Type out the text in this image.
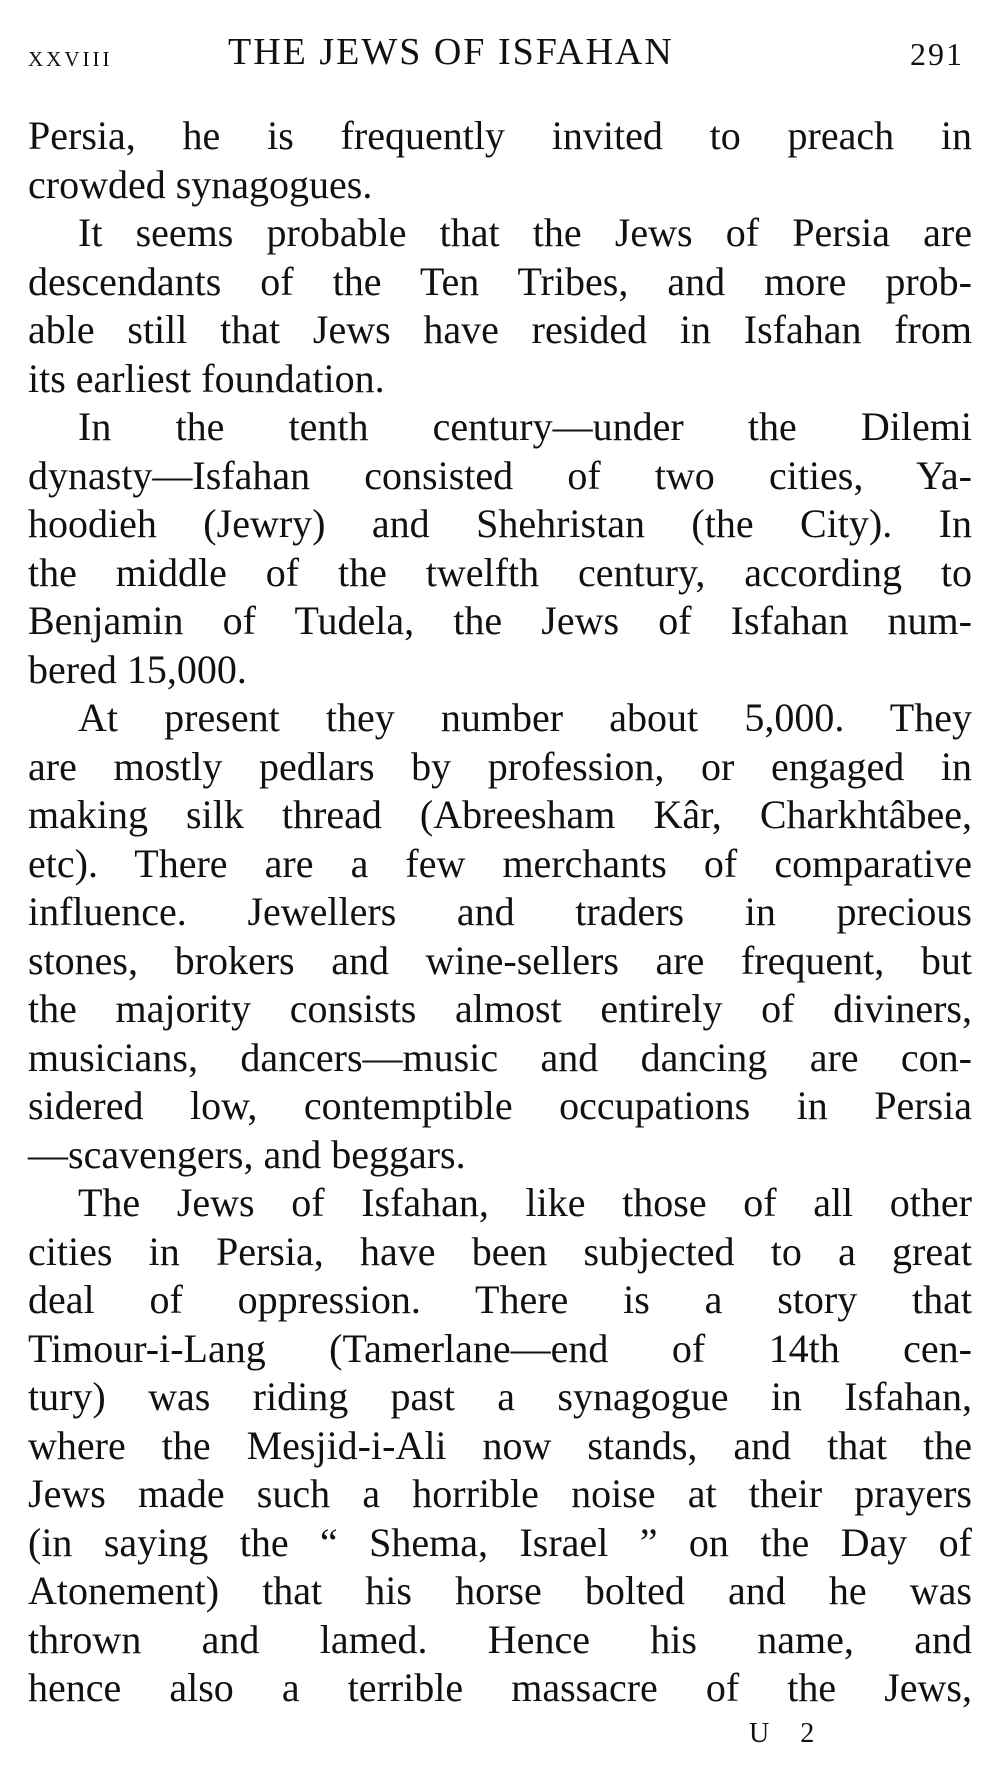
xxviii	THE JEWS OF ISFAHAN	291
Persia, he is frequently invited to preach in
crowded synagogues.
It seems probable that the Jews of Persia are
descendants of the Ten Tribes, and more prob-
able still that Jews have resided in Isfahan from
its earliest foundation.
In the tenth century—under the Dilemi
dynasty—Isfahan consisted of two cities, Ya-
hoodieh (Jewry) and Shehristan (the City). In
the middle of the twelfth century, according to
Benjamin of Tudela, the Jews of Isfahan num-
bered 15,000.
At present they number about 5,000. They
are mostly pedlars by profession, or engaged in
making silk thread (Abreesham Kâr, Charkhtâbee,
etc). There are a few merchants of comparative
influence. Jewellers and traders in precious
stones, brokers and wine-sellers are frequent, but
the majority consists almost entirely of diviners,
musicians, dancers—music and dancing are con-
sidered low, contemptible occupations in Persia
—scavengers, and beggars.
The Jews of Isfahan, like those of all other
cities in Persia, have been subjected to a great
deal of oppression. There is a story that
Timour-i-Lang (Tamerlane—end of 14th cen-
tury) was riding past a synagogue in Isfahan,
where the Mesjid-i-Ali now stands, and that the
Jews made such a horrible noise at their prayers
(in saying the “ Shema, Israel ” on the Day of
Atonement) that his horse bolted and he was
thrown and lamed. Hence his name, and
hence also a terrible massacre of the Jews,
U 2
